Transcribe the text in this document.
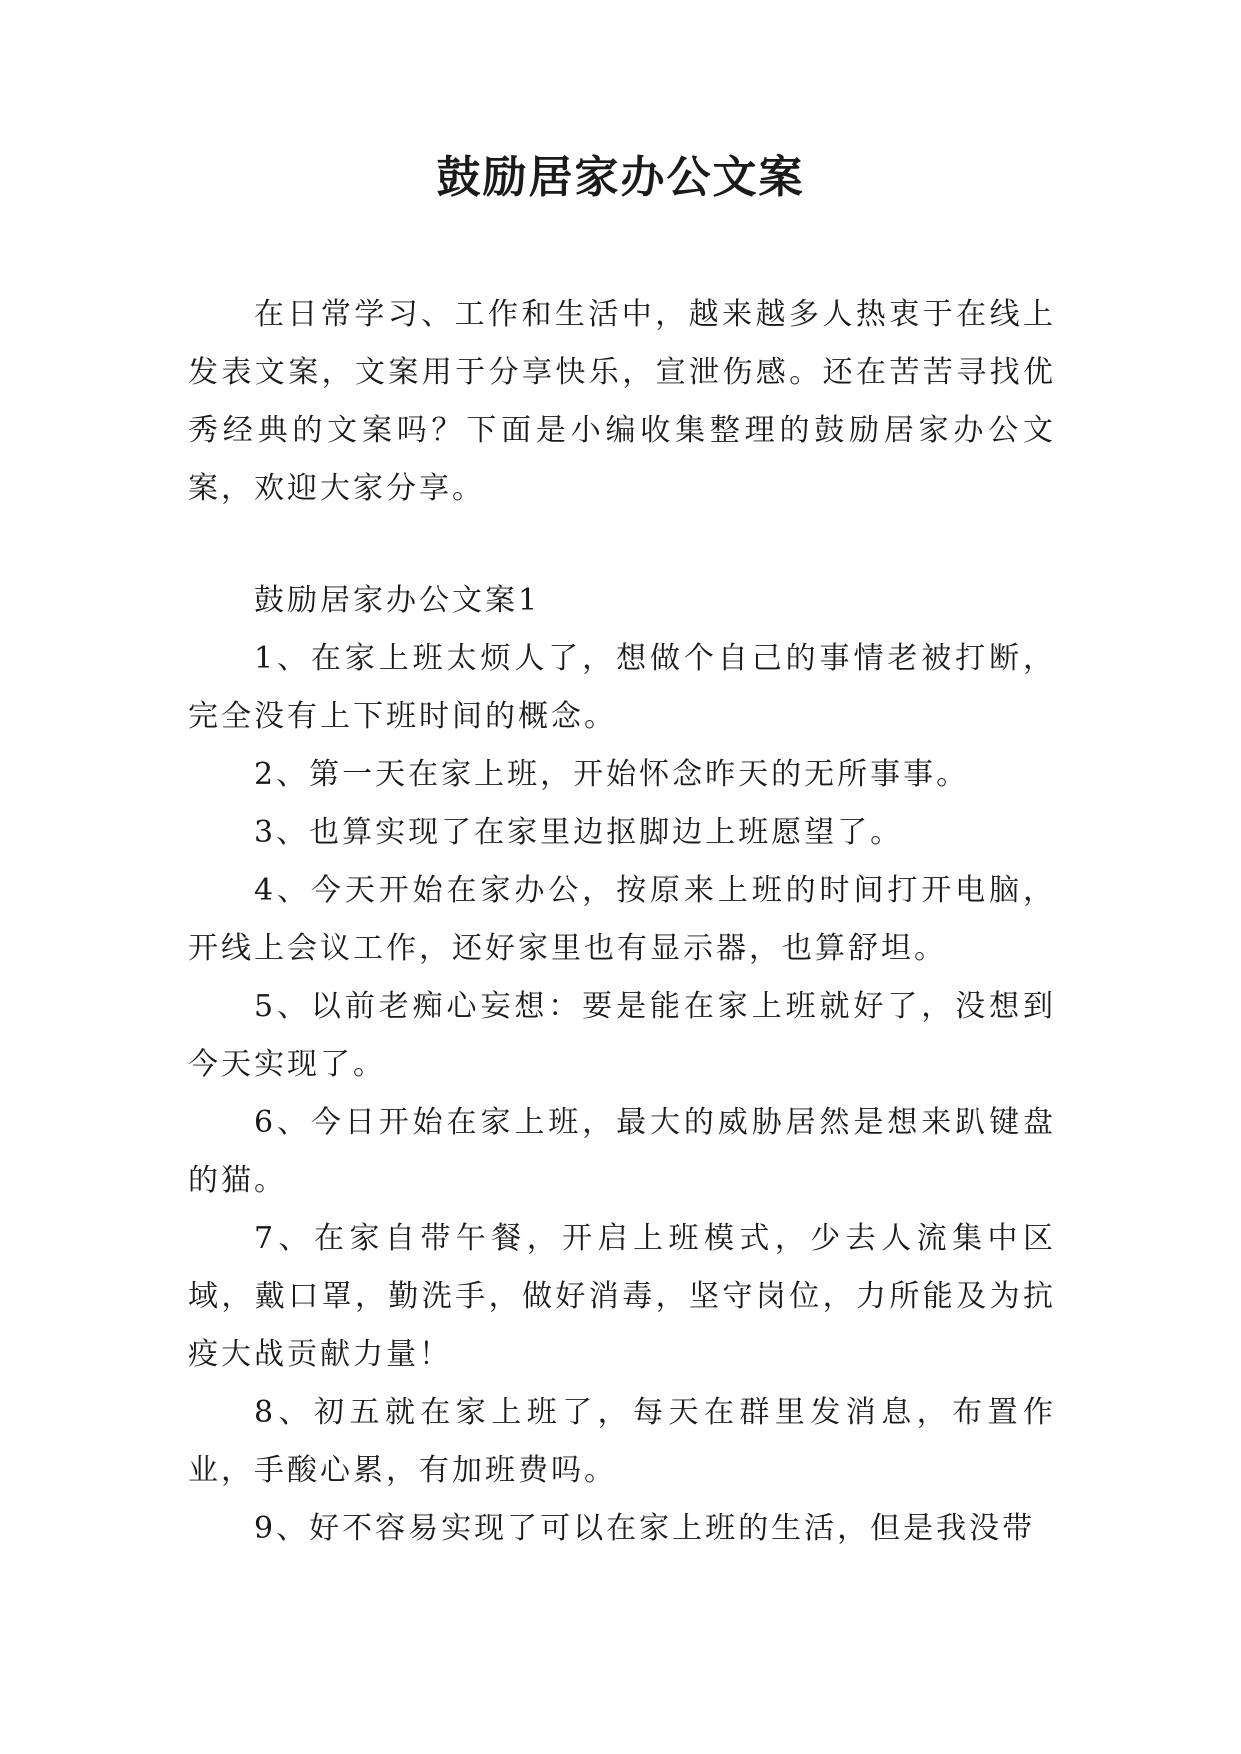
鼓励居家办公文案

在日常学习、工作和生活中，越来越多人热衷于在线上发表文案，文案用于分享快乐，宣泄伤感。还在苦苦寻找优秀经典的文案吗？下面是小编收集整理的鼓励居家办公文案，欢迎大家分享。

鼓励居家办公文案1

1、在家上班太烦人了，想做个自己的事情老被打断，完全没有上下班时间的概念。

2、第一天在家上班，开始怀念昨天的无所事事。

3、也算实现了在家里边抠脚边上班愿望了。

4、今天开始在家办公，按原来上班的时间打开电脑，开线上会议工作，还好家里也有显示器，也算舒坦。

5、以前老痴心妄想：要是能在家上班就好了，没想到今天实现了。

6、今日开始在家上班，最大的威胁居然是想来趴键盘的猫。

7、在家自带午餐，开启上班模式，少去人流集中区域，戴口罩，勤洗手，做好消毒，坚守岗位，力所能及为抗疫大战贡献力量！

8、初五就在家上班了，每天在群里发消息，布置作业，手酸心累，有加班费吗。

9、好不容易实现了可以在家上班的生活，但是我没带
